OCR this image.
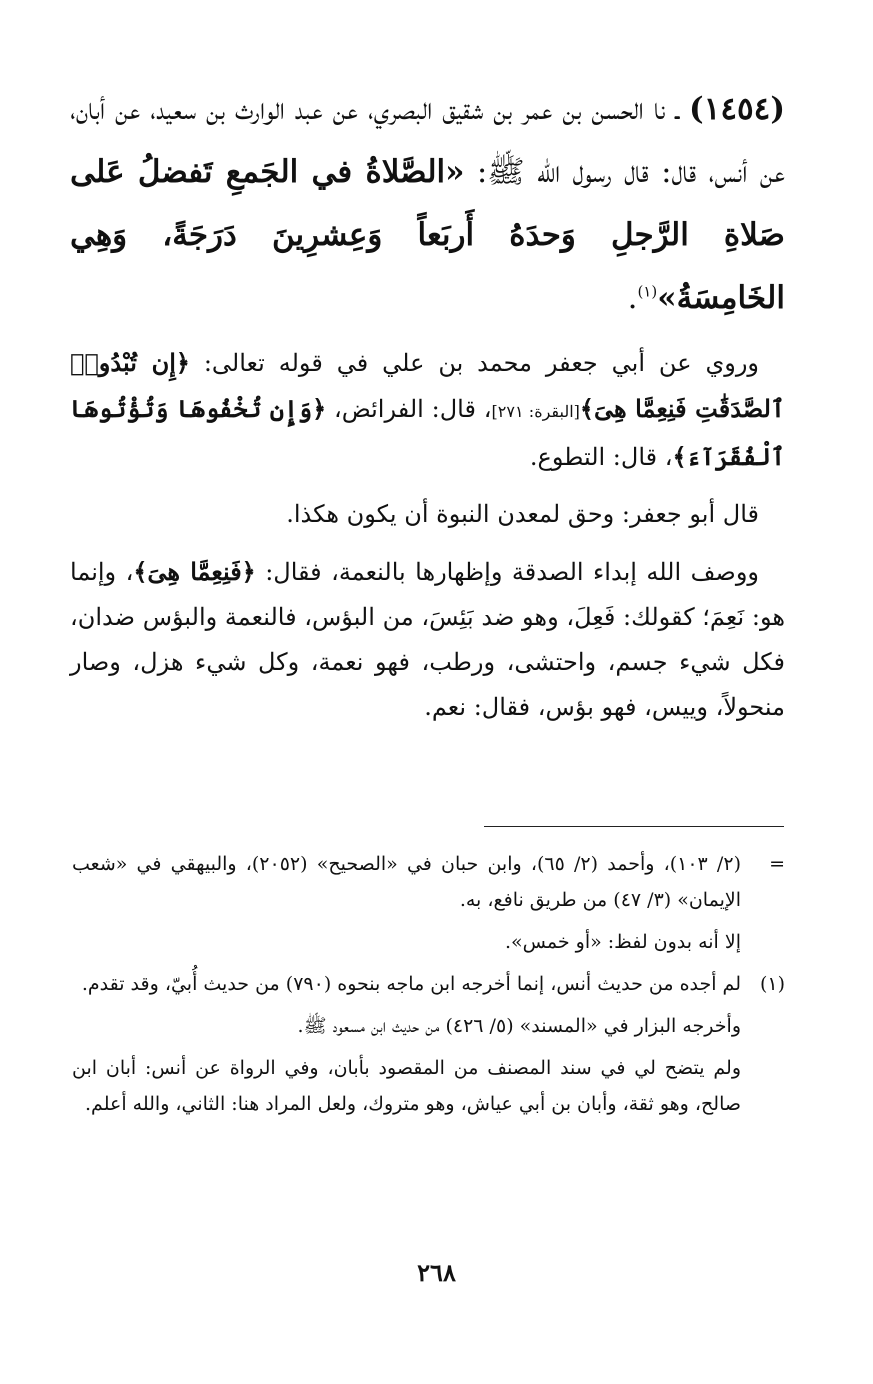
(١٤٥٤) ـ نا الحسن بن عمر بن شقيق البصري، عن عبد الوارث بن سعيد، عن أبان، عن أنس، قال: قال رسول الله ﷺ: «الصَّلاةُ في الجَمعِ تَفضلُ عَلى صَلاةِ الرَّجلِ وَحدَهُ أَربَعاً وَعِشرِينَ دَرَجَةً، وَهِي الخَامِسَةُ»$^{(١)}$.

وروي عن أبي جعفر محمد بن علي في قوله تعالى: ﴿إِن تُبْدُوا۟ ٱلصَّدَقَٰتِ فَنِعِمَّا هِىَ﴾[البقرة: ٢٧١]، قال: الفرائض، ﴿وَإِن تُخْفُوهَا وَتُؤْتُوهَا ٱلْفُقَرَآءَ﴾، قال: التطوع.

قال أبو جعفر: وحق لمعدن النبوة أن يكون هكذا.

ووصف الله إبداء الصدقة وإظهارها بالنعمة، فقال: ﴿فَنِعِمَّا هِىَ﴾، وإنما هو: نَعِمَ؛ كقولك: فَعِلَ، وهو ضد بَئِسَ، من البؤس، فالنعمة والبؤس ضدان، فكل شيء جسم، واحتشى، ورطب، فهو نعمة، وكل شيء هزل، وصار منحولاً، وييس، فهو بؤس، فقال: نعم.

=

(٢/ ١٠٣)، وأحمد (٢/ ٦٥)، وابن حبان في «الصحيح» (٢٠٥٢)، والبيهقي في «شعب الإيمان» (٣/ ٤٧) من طريق نافع، به.

إلا أنه بدون لفظ: «أو خمس».

(١)

لم أجده من حديث أنس، إنما أخرجه ابن ماجه بنحوه (٧٩٠) من حديث أُبيّ، وقد تقدم.

وأخرجه البزار في «المسند» (٥/ ٤٢٦) من حديث ابن مسعود ﷺ.

ولم يتضح لي في سند المصنف من المقصود بأبان، وفي الرواة عن أنس: أبان ابن صالح، وهو ثقة، وأبان بن أبي عياش، وهو متروك، ولعل المراد هنا: الثاني، والله أعلم.

٢٦٨
